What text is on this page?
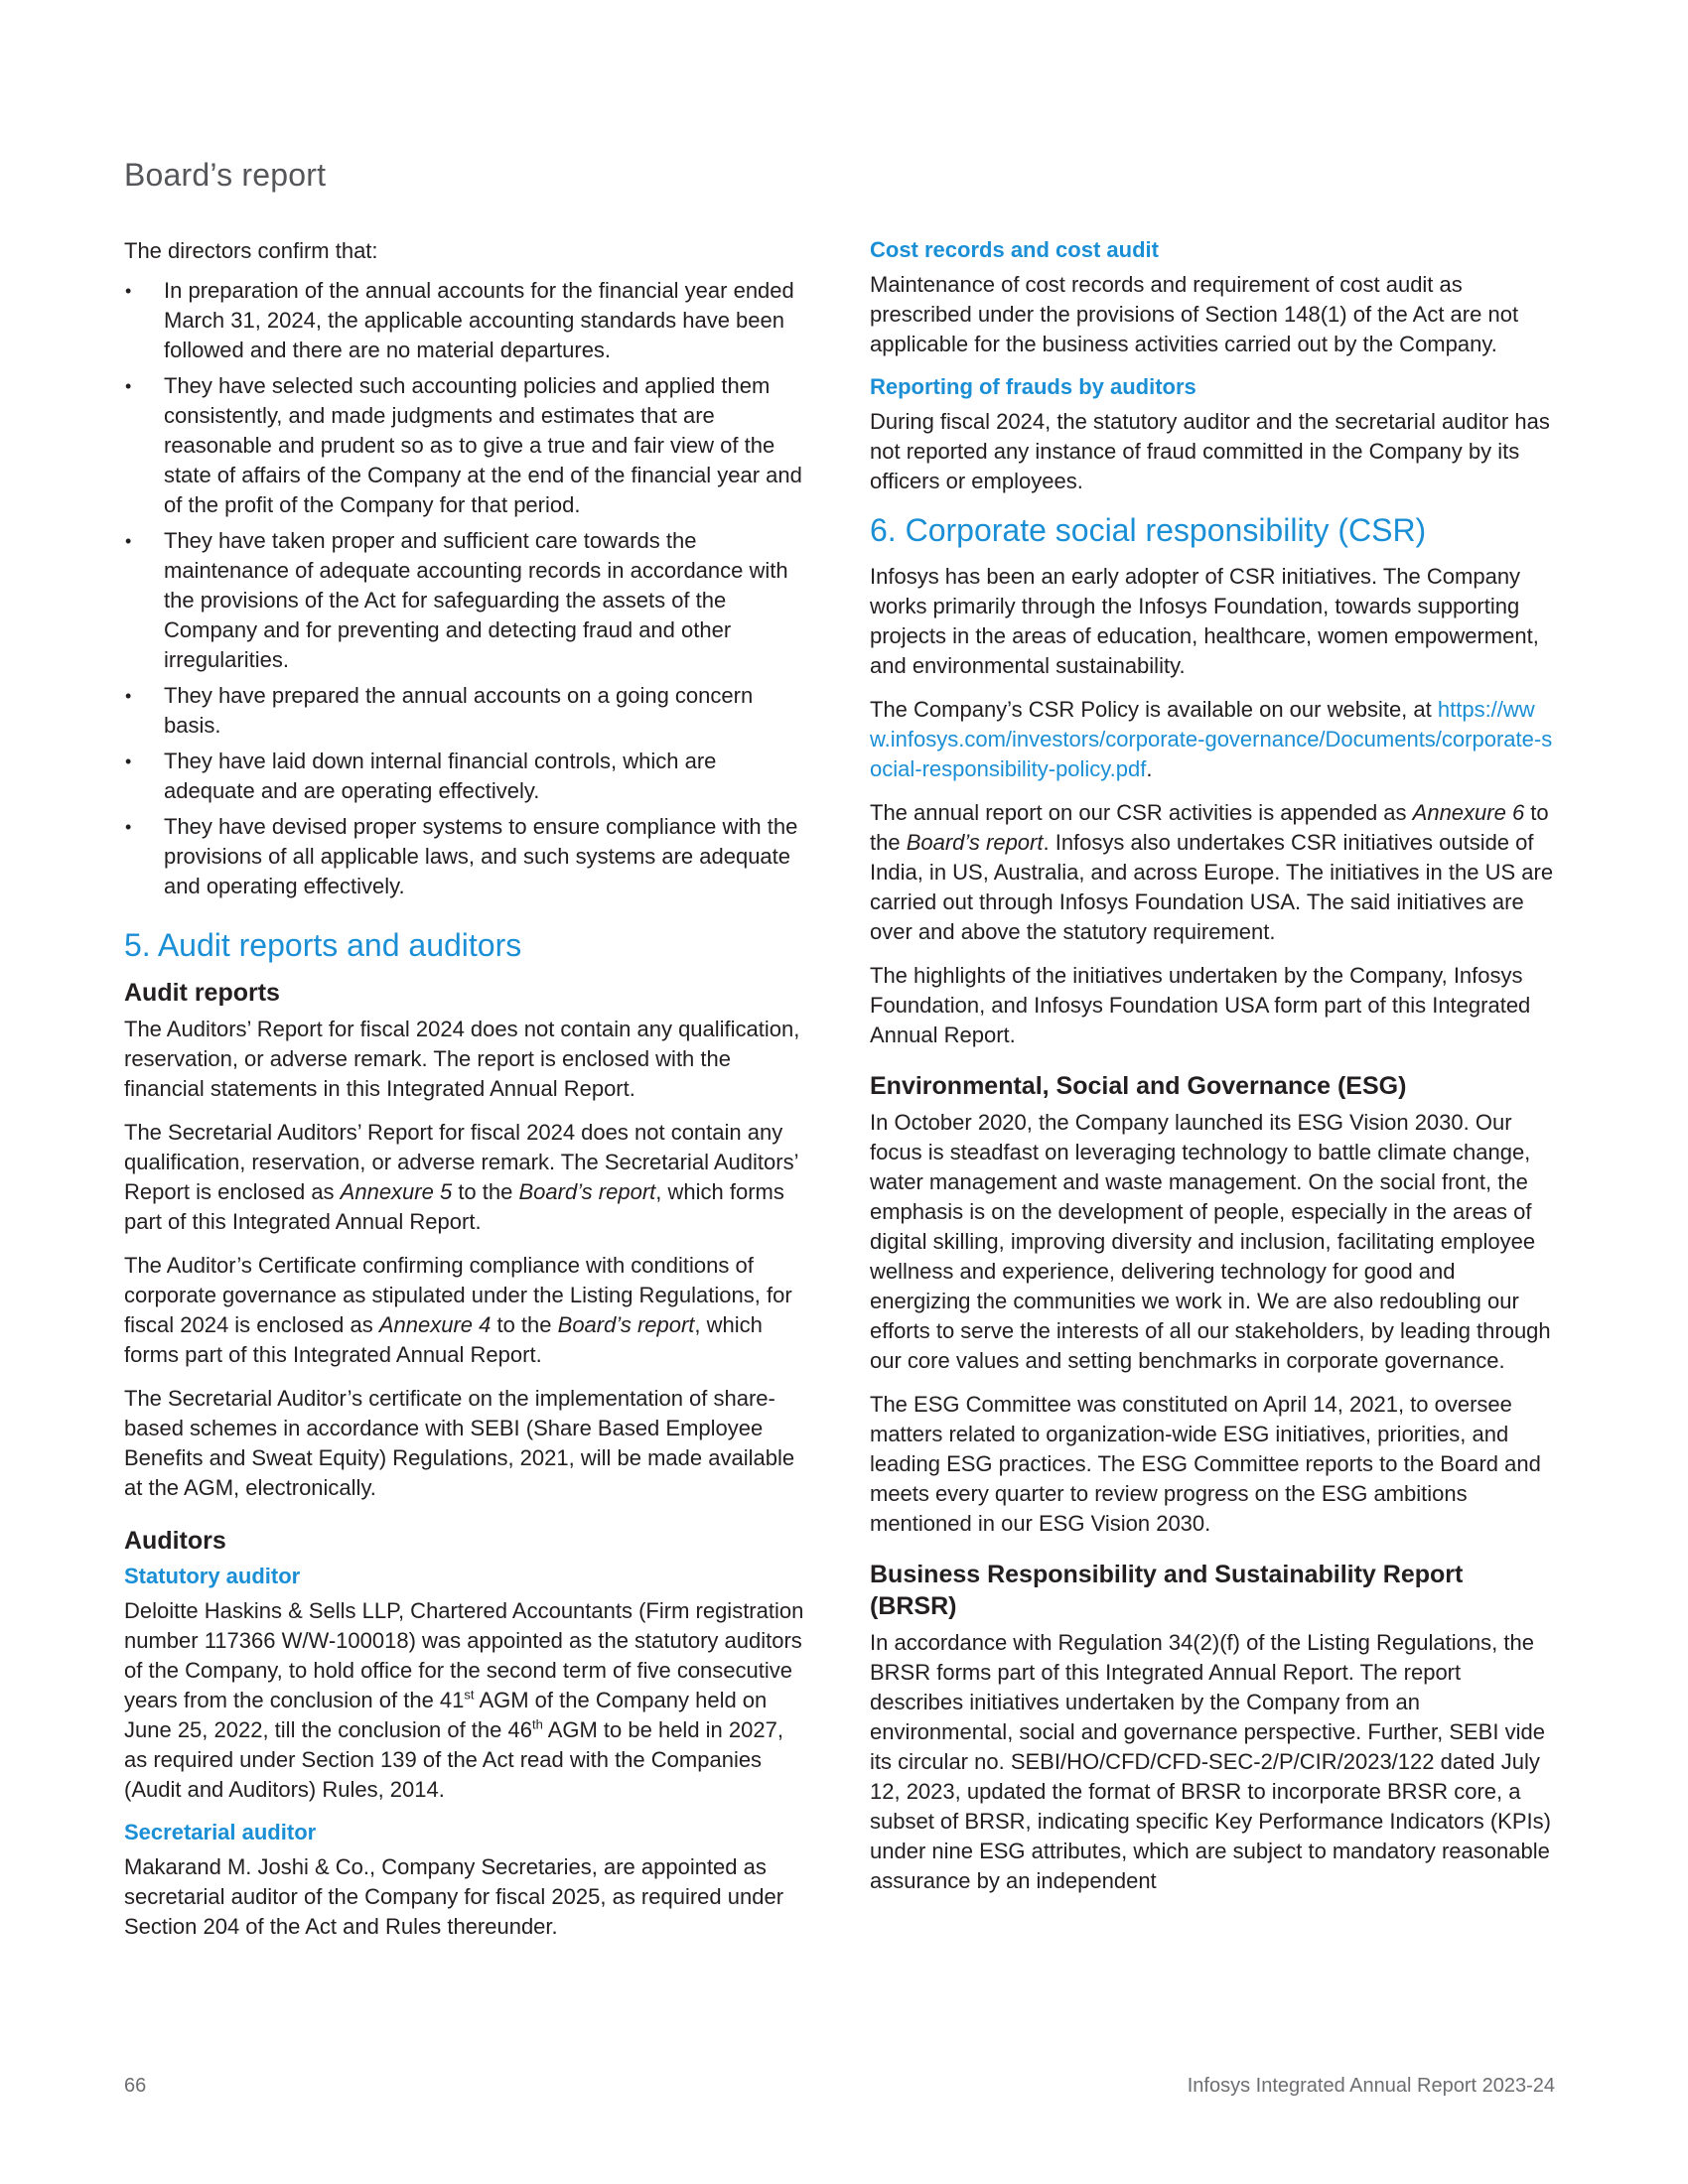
Board’s report

The directors confirm that:

• In preparation of the annual accounts for the financial year ended March 31, 2024, the applicable accounting standards have been followed and there are no material departures.
• They have selected such accounting policies and applied them consistently, and made judgments and estimates that are reasonable and prudent so as to give a true and fair view of the state of affairs of the Company at the end of the financial year and of the profit of the Company for that period.
• They have taken proper and sufficient care towards the maintenance of adequate accounting records in accordance with the provisions of the Act for safeguarding the assets of the Company and for preventing and detecting fraud and other irregularities.
• They have prepared the annual accounts on a going concern basis.
• They have laid down internal financial controls, which are adequate and are operating effectively.
• They have devised proper systems to ensure compliance with the provisions of all applicable laws, and such systems are adequate and operating effectively.
5. Audit reports and auditors
Audit reports

The Auditors’ Report for fiscal 2024 does not contain any qualification, reservation, or adverse remark. The report is enclosed with the financial statements in this Integrated Annual Report.

The Secretarial Auditors’ Report for fiscal 2024 does not contain any qualification, reservation, or adverse remark. The Secretarial Auditors’ Report is enclosed as Annexure 5 to the Board’s report, which forms part of this Integrated Annual Report.

The Auditor’s Certificate confirming compliance with conditions of corporate governance as stipulated under the Listing Regulations, for fiscal 2024 is enclosed as Annexure 4 to the Board’s report, which forms part of this Integrated Annual Report.

The Secretarial Auditor’s certificate on the implementation of share-based schemes in accordance with SEBI (Share Based Employee Benefits and Sweat Equity) Regulations, 2021, will be made available at the AGM, electronically.

Auditors
Statutory auditor

Deloitte Haskins & Sells LLP, Chartered Accountants (Firm registration number 117366 W/W-100018) was appointed as the statutory auditors of the Company, to hold office for the second term of five consecutive years from the conclusion of the 41st AGM of the Company held on June 25, 2022, till the conclusion of the 46th AGM to be held in 2027, as required under Section 139 of the Act read with the Companies (Audit and Auditors) Rules, 2014.

Secretarial auditor

Makarand M. Joshi & Co., Company Secretaries, are appointed as secretarial auditor of the Company for fiscal 2025, as required under Section 204 of the Act and Rules thereunder.

Cost records and cost audit

Maintenance of cost records and requirement of cost audit as prescribed under the provisions of Section 148(1) of the Act are not applicable for the business activities carried out by the Company.

Reporting of frauds by auditors

During fiscal 2024, the statutory auditor and the secretarial auditor has not reported any instance of fraud committed in the Company by its officers or employees.

6. Corporate social responsibility (CSR)

Infosys has been an early adopter of CSR initiatives. The Company works primarily through the Infosys Foundation, towards supporting projects in the areas of education, healthcare, women empowerment, and environmental sustainability.

The Company’s CSR Policy is available on our website, at https://www.infosys.com/investors/corporate-governance/Documents/corporate-social-responsibility-policy.pdf.

The annual report on our CSR activities is appended as Annexure 6 to the Board’s report. Infosys also undertakes CSR initiatives outside of India, in US, Australia, and across Europe. The initiatives in the US are carried out through Infosys Foundation USA. The said initiatives are over and above the statutory requirement.

The highlights of the initiatives undertaken by the Company, Infosys Foundation, and Infosys Foundation USA form part of this Integrated Annual Report.

Environmental, Social and Governance (ESG)

In October 2020, the Company launched its ESG Vision 2030. Our focus is steadfast on leveraging technology to battle climate change, water management and waste management. On the social front, the emphasis is on the development of people, especially in the areas of digital skilling, improving diversity and inclusion, facilitating employee wellness and experience, delivering technology for good and energizing the communities we work in. We are also redoubling our efforts to serve the interests of all our stakeholders, by leading through our core values and setting benchmarks in corporate governance.

The ESG Committee was constituted on April 14, 2021, to oversee matters related to organization-wide ESG initiatives, priorities, and leading ESG practices. The ESG Committee reports to the Board and meets every quarter to review progress on the ESG ambitions mentioned in our ESG Vision 2030.

Business Responsibility and Sustainability Report (BRSR)

In accordance with Regulation 34(2)(f) of the Listing Regulations, the BRSR forms part of this Integrated Annual Report. The report describes initiatives undertaken by the Company from an environmental, social and governance perspective. Further, SEBI vide its circular no. SEBI/HO/CFD/CFD-SEC-2/P/CIR/2023/122 dated July 12, 2023, updated the format of BRSR to incorporate BRSR core, a subset of BRSR, indicating specific Key Performance Indicators (KPIs) under nine ESG attributes, which are subject to mandatory reasonable assurance by an independent

66	Infosys Integrated Annual Report 2023-24
